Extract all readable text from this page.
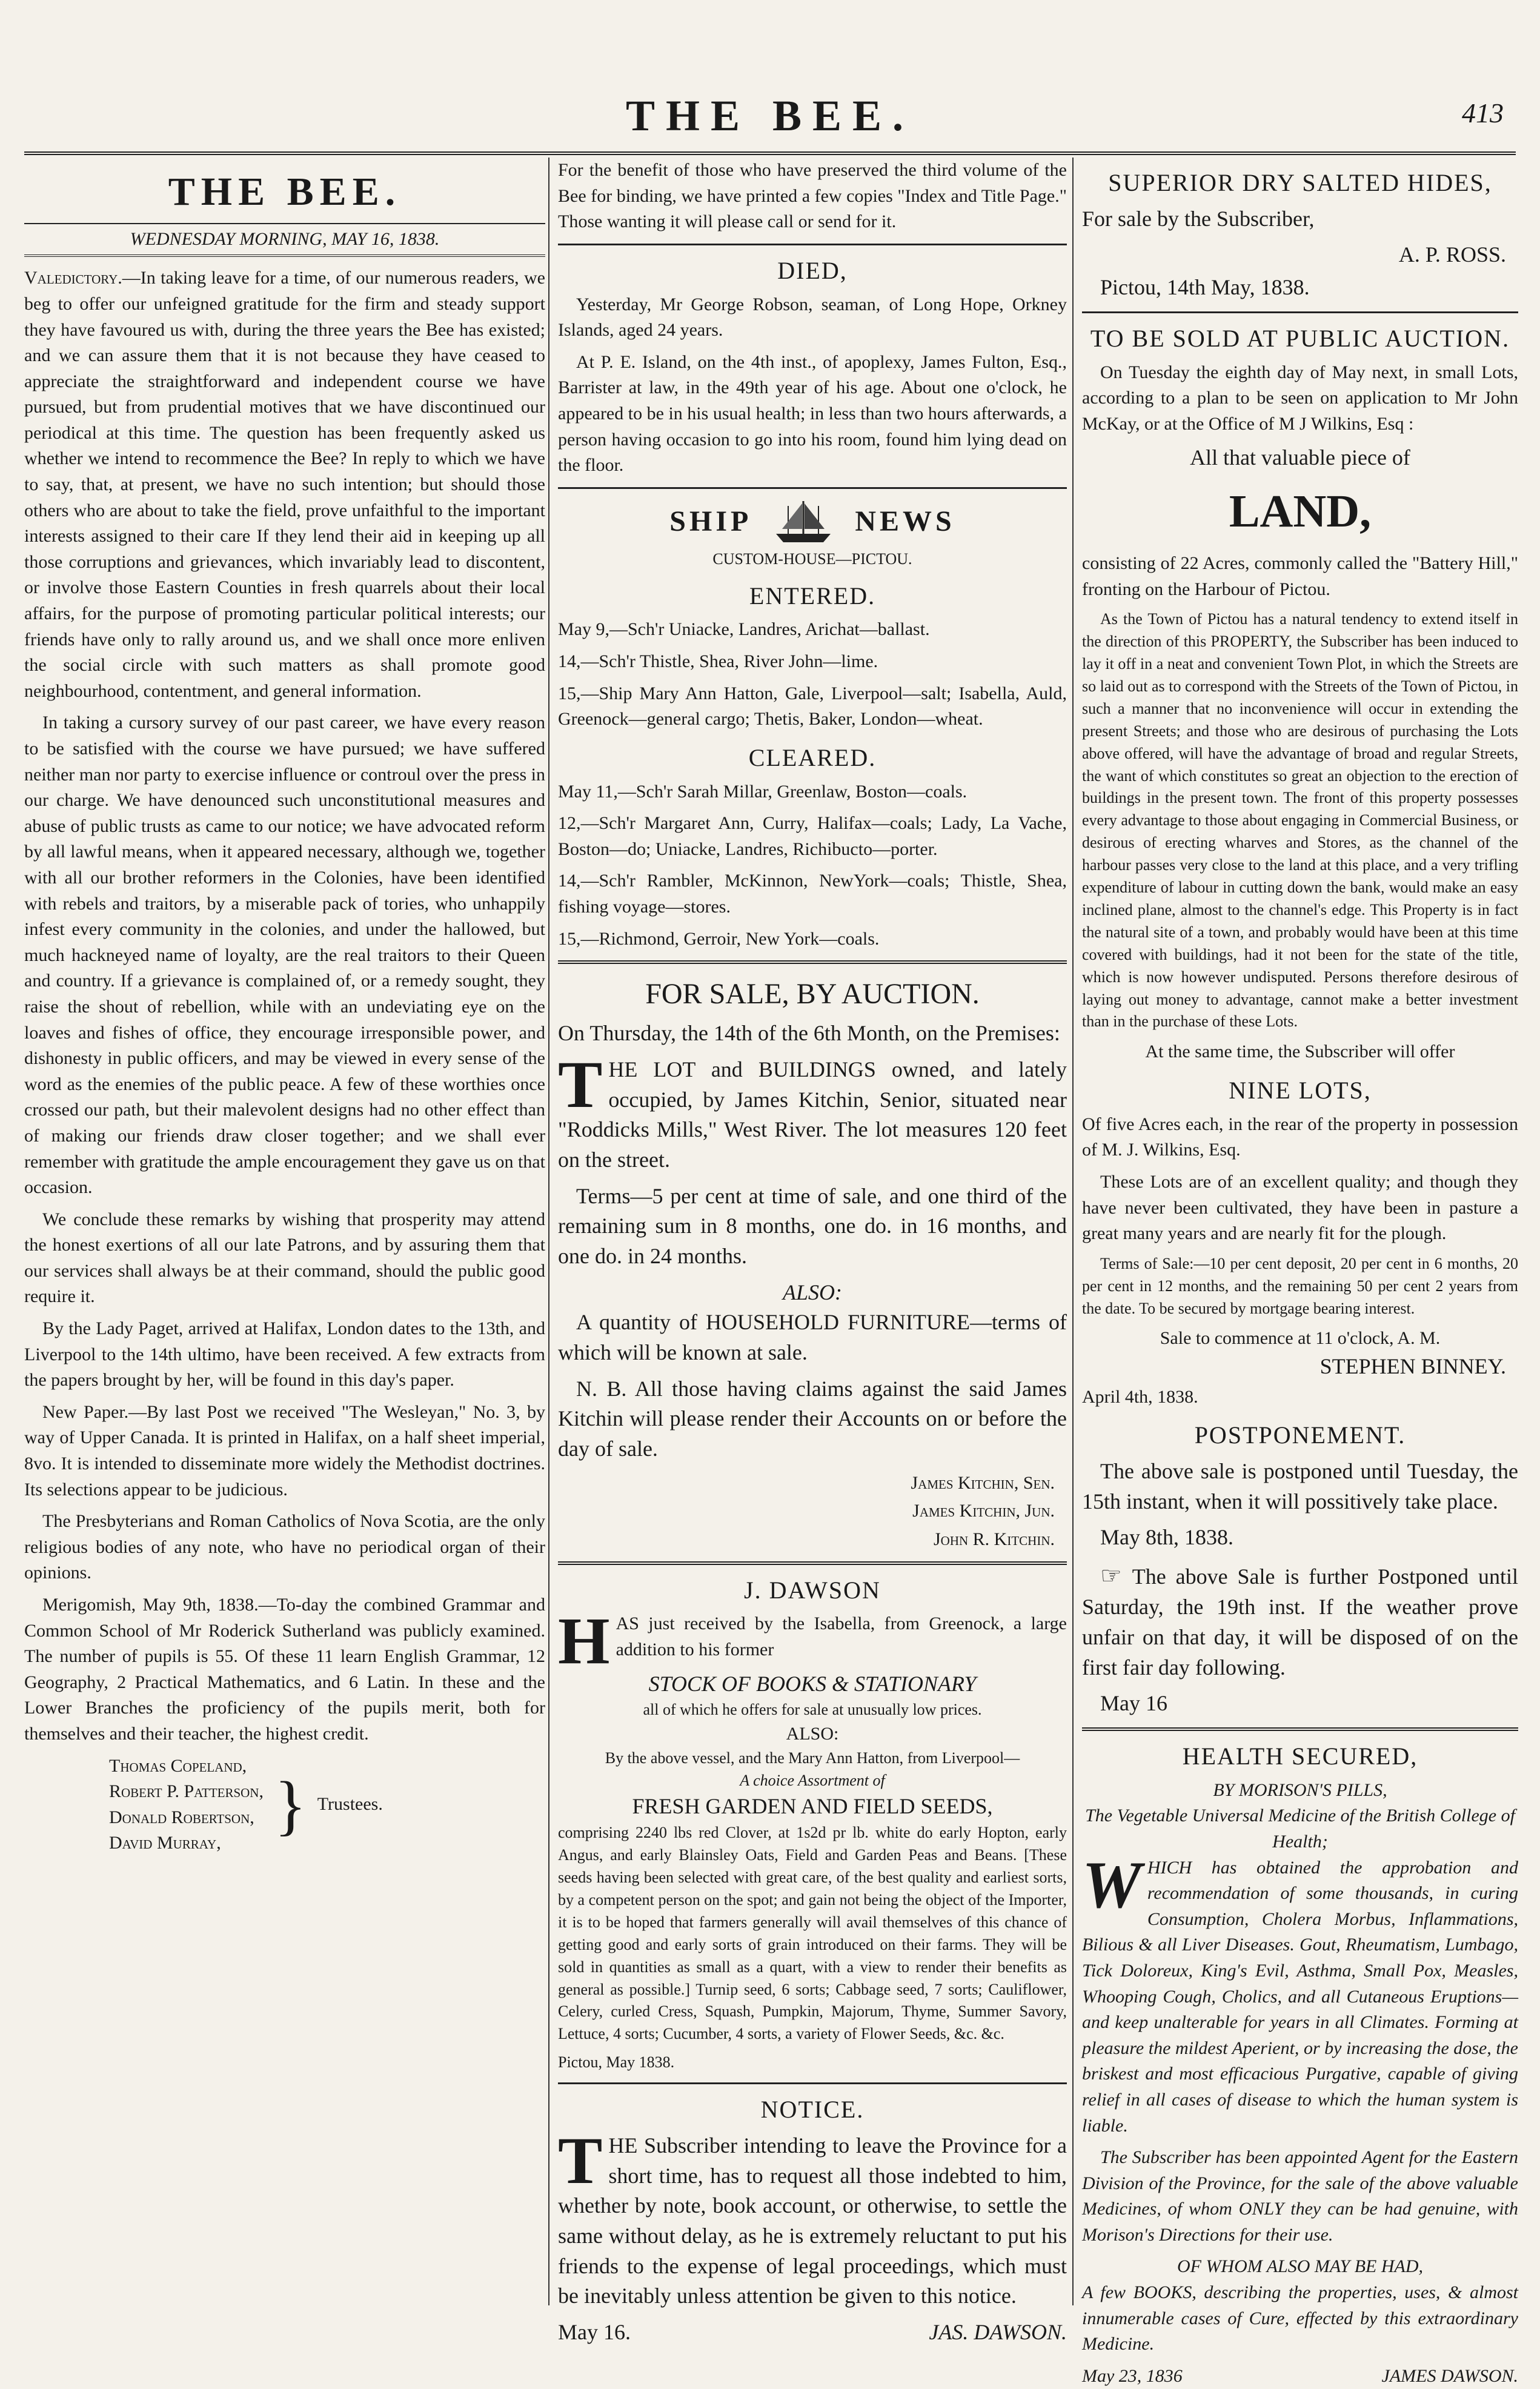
THE BEE.	413
THE BEE.
WEDNESDAY MORNING, MAY 16, 1838.

Valedictory.—In taking leave for a time, of our numerous readers, we beg to offer our unfeigned gratitude for the firm and steady support they have favoured us with, during the three years the Bee has existed; and we can assure them that it is not because they have ceased to appreciate the straightforward and independent course we have pursued, but from prudential motives that we have discontinued our periodical at this time. The question has been frequently asked us whether we intend to recommence the Bee? In reply to which we have to say, that, at present, we have no such intention; but should those others who are about to take the field, prove unfaithful to the important interests assigned to their care If they lend their aid in keeping up all those corruptions and grievances, which invariably lead to discontent, or involve those Eastern Counties in fresh quarrels about their local affairs, for the purpose of promoting particular political interests; our friends have only to rally around us, and we shall once more enliven the social circle with such matters as shall promote good neighbourhood, contentment, and general information.

In taking a cursory survey of our past career, we have every reason to be satisfied with the course we have pursued; we have suffered neither man nor party to exercise influence or controul over the press in our charge. We have denounced such unconstitutional measures and abuse of public trusts as came to our notice; we have advocated reform by all lawful means, when it appeared necessary, although we, together with all our brother reformers in the Colonies, have been identified with rebels and traitors, by a miserable pack of tories, who unhappily infest every community in the colonies, and under the hallowed, but much hackneyed name of loyalty, are the real traitors to their Queen and country. If a grievance is complained of, or a remedy sought, they raise the shout of rebellion, while with an undeviating eye on the loaves and fishes of office, they encourage irresponsible power, and dishonesty in public officers, and may be viewed in every sense of the word as the enemies of the public peace. A few of these worthies once crossed our path, but their malevolent designs had no other effect than of making our friends draw closer together; and we shall ever remember with gratitude the ample encouragement they gave us on that occasion.

We conclude these remarks by wishing that prosperity may attend the honest exertions of all our late Patrons, and by assuring them that our services shall always be at their command, should the public good require it.

By the Lady Paget, arrived at Halifax, London dates to the 13th, and Liverpool to the 14th ultimo, have been received. A few extracts from the papers brought by her, will be found in this day's paper.

New Paper.—By last Post we received "The Wesleyan," No. 3, by way of Upper Canada. It is printed in Halifax, on a half sheet imperial, 8vo. It is intended to disseminate more widely the Methodist doctrines. Its selections appear to be judicious.

The Presbyterians and Roman Catholics of Nova Scotia, are the only religious bodies of any note, who have no periodical organ of their opinions.

Merigomish, May 9th, 1838.—To-day the combined Grammar and Common School of Mr Roderick Sutherland was publicly examined. The number of pupils is 55. Of these 11 learn English Grammar, 12 Geography, 2 Practical Mathematics, and 6 Latin. In these and the Lower Branches the proficiency of the pupils merit, both for themselves and their teacher, the highest credit.

Thomas Copeland,
Robert P. Patterson,
Donald Robertson,
David Murray,
} Trustees.

For the benefit of those who have preserved the third volume of the Bee for binding, we have printed a few copies "Index and Title Page." Those wanting it will please call or send for it.

DIED,

Yesterday, Mr George Robson, seaman, of Long Hope, Orkney Islands, aged 24 years.

At P. E. Island, on the 4th inst., of apoplexy, James Fulton, Esq., Barrister at law, in the 49th year of his age. About one o'clock, he appeared to be in his usual health; in less than two hours afterwards, a person having occasion to go into his room, found him lying dead on the floor.

SHIP	NEWS
CUSTOM-HOUSE—PICTOU.
ENTERED.

May 9,—Sch'r Uniacke, Landres, Arichat—ballast.

14,—Sch'r Thistle, Shea, River John—lime.

15,—Ship Mary Ann Hatton, Gale, Liverpool—salt; Isabella, Auld, Greenock—general cargo; Thetis, Baker, London—wheat.

CLEARED.

May 11,—Sch'r Sarah Millar, Greenlaw, Boston—coals.

12,—Sch'r Margaret Ann, Curry, Halifax—coals; Lady, La Vache, Boston—do; Uniacke, Landres, Richibucto—porter.

14,—Sch'r Rambler, McKinnon, NewYork—coals; Thistle, Shea, fishing voyage—stores.

15,—Richmond, Gerroir, New York—coals.

FOR SALE, BY AUCTION.

On Thursday, the 14th of the 6th Month, on the Premises:

THE LOT and BUILDINGS owned, and lately occupied, by James Kitchin, Senior, situated near "Roddicks Mills," West River. The lot measures 120 feet on the street.

Terms—5 per cent at time of sale, and one third of the remaining sum in 8 months, one do. in 16 months, and one do. in 24 months.

ALSO:

A quantity of HOUSEHOLD FURNITURE—terms of which will be known at sale.

N. B. All those having claims against the said James Kitchin will please render their Accounts on or before the day of sale.

James Kitchin, Sen.
James Kitchin, Jun.
John R. Kitchin.
J. DAWSON

HAS just received by the Isabella, from Greenock, a large addition to his former

STOCK OF BOOKS & STATIONARY
all of which he offers for sale at unusually low prices.
ALSO:
By the above vessel, and the Mary Ann Hatton, from Liverpool—
A choice Assortment of
FRESH GARDEN AND FIELD SEEDS,

comprising 2240 lbs red Clover, at 1s2d pr lb. white do early Hopton, early Angus, and early Blainsley Oats, Field and Garden Peas and Beans. [These seeds having been selected with great care, of the best quality and earliest sorts, by a competent person on the spot; and gain not being the object of the Importer, it is to be hoped that farmers generally will avail themselves of this chance of getting good and early sorts of grain introduced on their farms. They will be sold in quantities as small as a quart, with a view to render their benefits as general as possible.] Turnip seed, 6 sorts; Cabbage seed, 7 sorts; Cauliflower, Celery, curled Cress, Squash, Pumpkin, Majorum, Thyme, Summer Savory, Lettuce, 4 sorts; Cucumber, 4 sorts, a variety of Flower Seeds, &c. &c.

Pictou, May 1838.

NOTICE.

THE Subscriber intending to leave the Province for a short time, has to request all those indebted to him, whether by note, book account, or otherwise, to settle the same without delay, as he is extremely reluctant to put his friends to the expense of legal proceedings, which must be inevitably unless attention be given to this notice.

May 16.	JAS. DAWSON.
SUPERIOR DRY SALTED HIDES,

For sale by the Subscriber,

A. P. ROSS.

Pictou, 14th May, 1838.

TO BE SOLD AT PUBLIC AUCTION.

On Tuesday the eighth day of May next, in small Lots, according to a plan to be seen on application to Mr John McKay, or at the Office of M J Wilkins, Esq :

All that valuable piece of
LAND,

consisting of 22 Acres, commonly called the "Battery Hill," fronting on the Harbour of Pictou.

As the Town of Pictou has a natural tendency to extend itself in the direction of this PROPERTY, the Subscriber has been induced to lay it off in a neat and convenient Town Plot, in which the Streets are so laid out as to correspond with the Streets of the Town of Pictou, in such a manner that no inconvenience will occur in extending the present Streets; and those who are desirous of purchasing the Lots above offered, will have the advantage of broad and regular Streets, the want of which constitutes so great an objection to the erection of buildings in the present town. The front of this property possesses every advantage to those about engaging in Commercial Business, or desirous of erecting wharves and Stores, as the channel of the harbour passes very close to the land at this place, and a very trifling expenditure of labour in cutting down the bank, would make an easy inclined plane, almost to the channel's edge. This Property is in fact the natural site of a town, and probably would have been at this time covered with buildings, had it not been for the state of the title, which is now however undisputed. Persons therefore desirous of laying out money to advantage, cannot make a better investment than in the purchase of these Lots.

At the same time, the Subscriber will offer
NINE LOTS,

Of five Acres each, in the rear of the property in possession of M. J. Wilkins, Esq.

These Lots are of an excellent quality; and though they have never been cultivated, they have been in pasture a great many years and are nearly fit for the plough.

Terms of Sale:—10 per cent deposit, 20 per cent in 6 months, 20 per cent in 12 months, and the remaining 50 per cent 2 years from the date. To be secured by mortgage bearing interest.

Sale to commence at 11 o'clock, A. M.
STEPHEN BINNEY.

April 4th, 1838.

POSTPONEMENT.

The above sale is postponed until Tuesday, the 15th instant, when it will possitively take place.

May 8th, 1838.

☞ The above Sale is further Postponed until Saturday, the 19th inst. If the weather prove unfair on that day, it will be disposed of on the first fair day following.

May 16

HEALTH SECURED,
BY MORISON'S PILLS,
The Vegetable Universal Medicine of the British College of Health;

WHICH has obtained the approbation and recommendation of some thousands, in curing Consumption, Cholera Morbus, Inflammations, Bilious & all Liver Diseases. Gout, Rheumatism, Lumbago, Tick Doloreux, King's Evil, Asthma, Small Pox, Measles, Whooping Cough, Cholics, and all Cutaneous Eruptions—and keep unalterable for years in all Climates. Forming at pleasure the mildest Aperient, or by increasing the dose, the briskest and most efficacious Purgative, capable of giving relief in all cases of disease to which the human system is liable.

The Subscriber has been appointed Agent for the Eastern Division of the Province, for the sale of the above valuable Medicines, of whom ONLY they can be had genuine, with Morison's Directions for their use.

OF WHOM ALSO MAY BE HAD,

A few BOOKS, describing the properties, uses, & almost innumerable cases of Cure, effected by this extraordinary Medicine.

May 23, 1836	JAMES DAWSON.
